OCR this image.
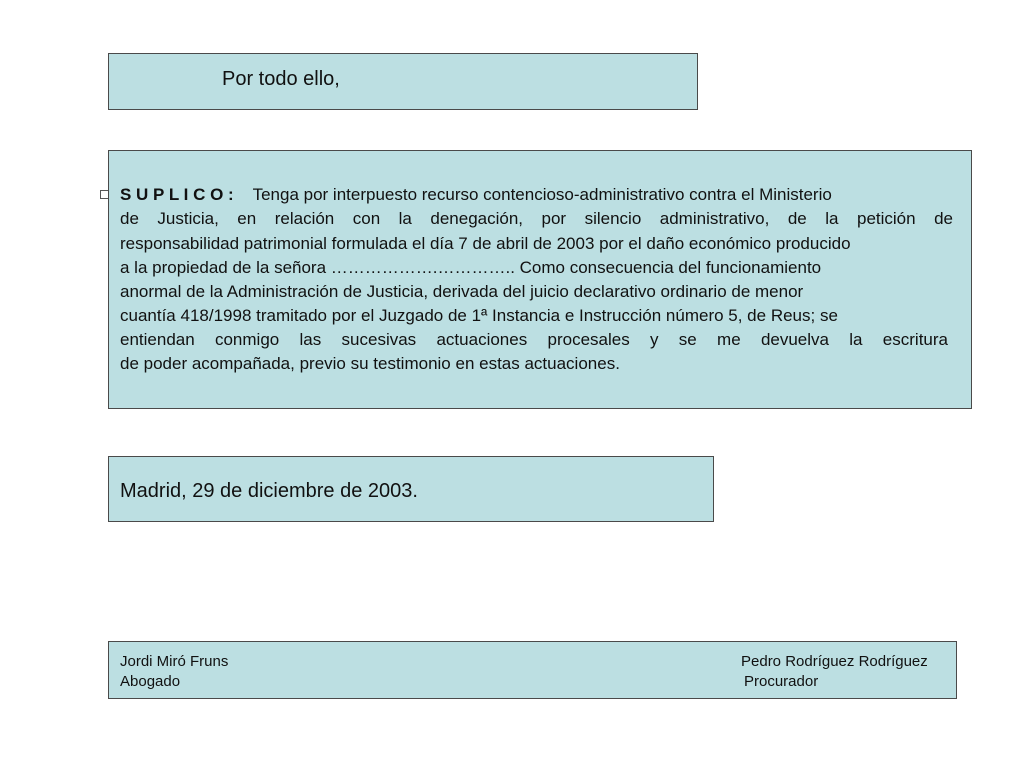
Por todo ello,
S U P L I C O : Tenga por interpuesto recurso contencioso-administrativo contra el Ministerio
de Justicia, en relación con la denegación, por silencio administrativo, de la petición de
responsabilidad patrimonial formulada el día 7 de abril de 2003 por el daño económico producido
a la propiedad de la señora ……………….………….. Como consecuencia del funcionamiento
anormal de la Administración de Justicia, derivada del juicio declarativo ordinario de menor
cuantía 418/1998 tramitado por el Juzgado de 1ª Instancia e Instrucción número 5, de Reus; se
entiendan conmigo las sucesivas actuaciones procesales y se me devuelva la escritura
de poder acompañada, previo su testimonio en estas actuaciones.
Madrid, 29 de diciembre de 2003.
Jordi Miró Fruns
Abogado
Pedro Rodríguez Rodríguez
Procurador
